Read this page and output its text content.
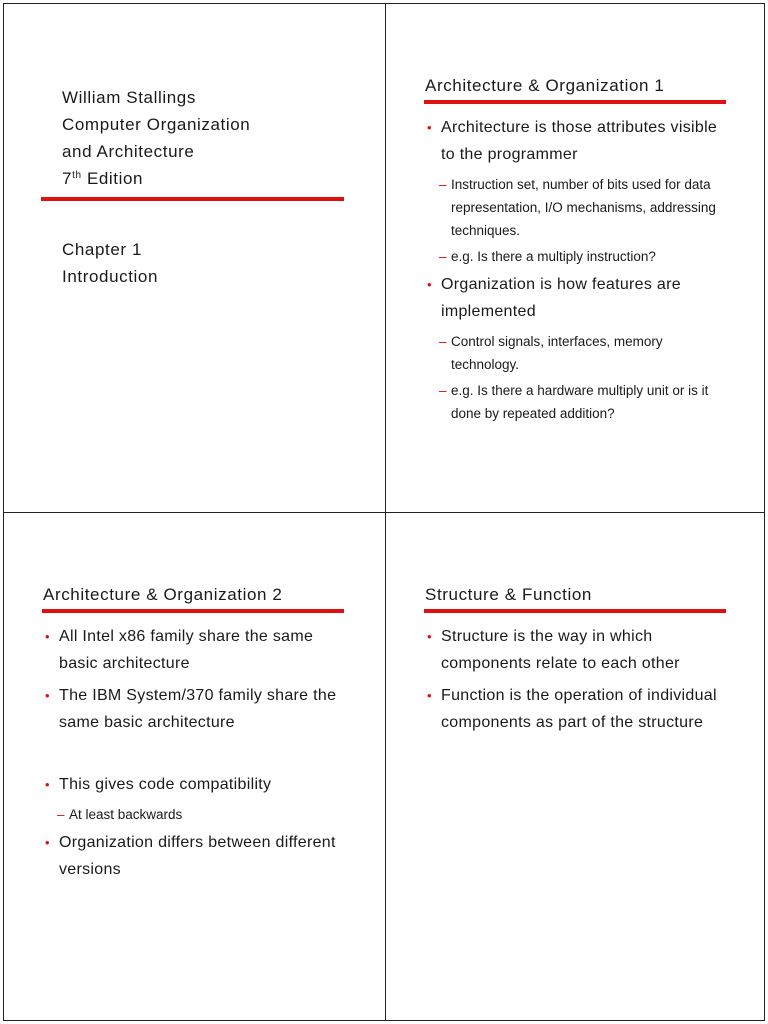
William Stallings
Computer Organization
and Architecture
7th Edition
Chapter 1
Introduction
Architecture & Organization 1
• Architecture is those attributes visible to the programmer
– Instruction set, number of bits used for data representation, I/O mechanisms, addressing techniques.
– e.g. Is there a multiply instruction?
• Organization is how features are implemented
– Control signals, interfaces, memory technology.
– e.g. Is there a hardware multiply unit or is it done by repeated addition?
Architecture & Organization 2
• All Intel x86 family share the same basic architecture
• The IBM System/370 family share the same basic architecture
• This gives code compatibility
– At least backwards
• Organization differs between different versions
Structure & Function
• Structure is the way in which components relate to each other
• Function is the operation of individual components as part of the structure
